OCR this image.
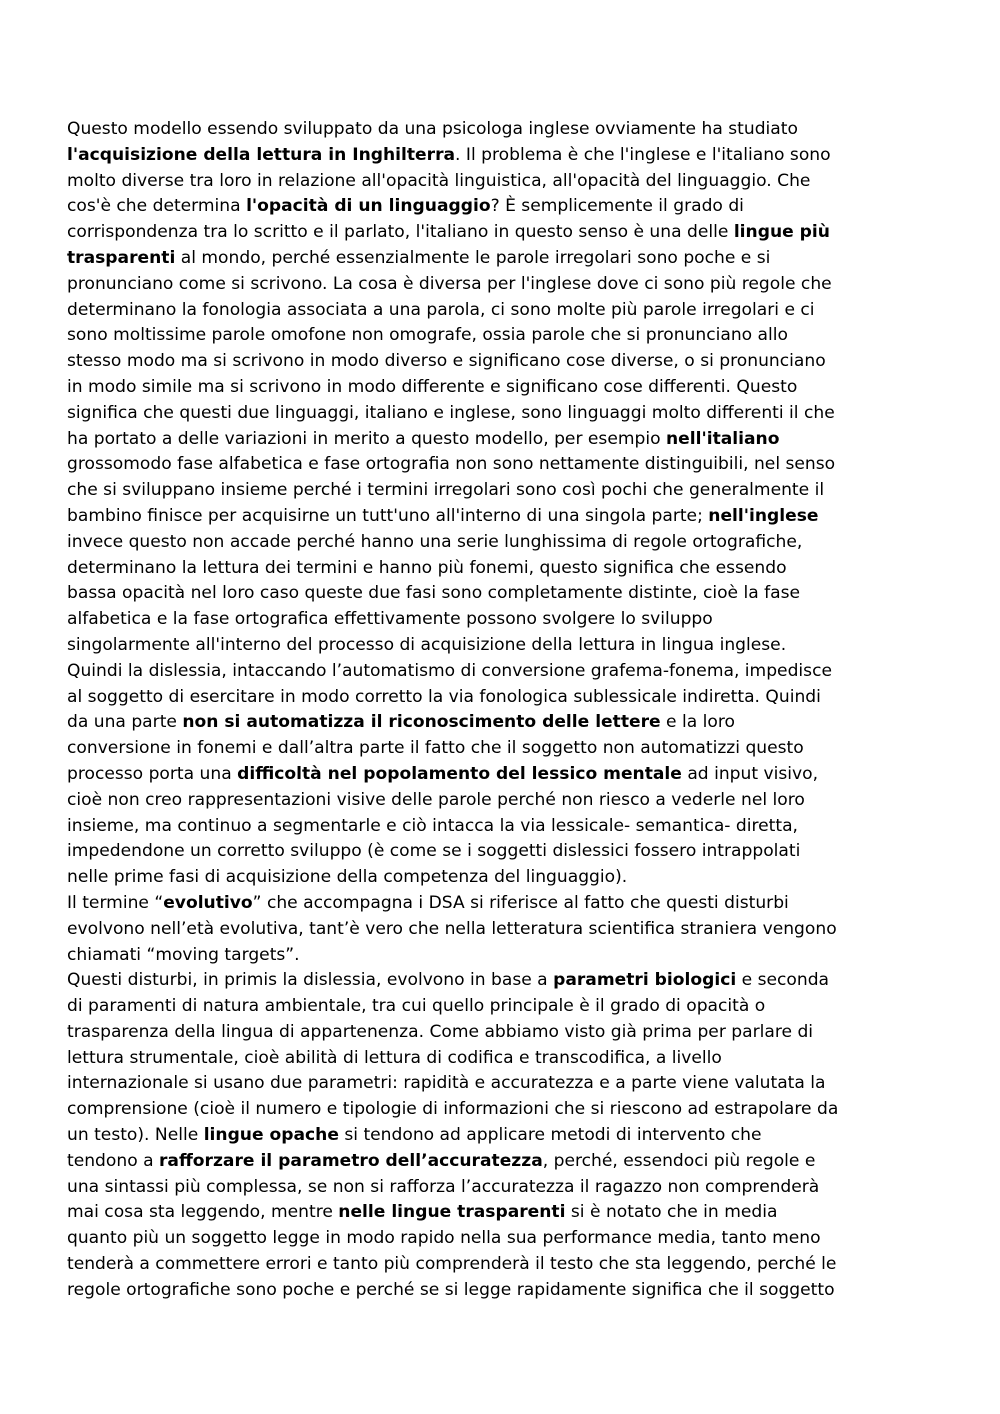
Questo modello essendo sviluppato da una psicologa inglese ovviamente ha studiato
l'acquisizione della lettura in Inghilterra. Il problema è che l'inglese e l'italiano sono
molto diverse tra loro in relazione all'opacità linguistica, all'opacità del linguaggio. Che
cos'è che determina l'opacità di un linguaggio? È semplicemente il grado di
corrispondenza tra lo scritto e il parlato, l'italiano in questo senso è una delle lingue più
trasparenti al mondo, perché essenzialmente le parole irregolari sono poche e si
pronunciano come si scrivono. La cosa è diversa per l'inglese dove ci sono più regole che
determinano la fonologia associata a una parola, ci sono molte più parole irregolari e ci
sono moltissime parole omofone non omografe, ossia parole che si pronunciano allo
stesso modo ma si scrivono in modo diverso e significano cose diverse, o si pronunciano
in modo simile ma si scrivono in modo differente e significano cose differenti. Questo
significa che questi due linguaggi, italiano e inglese, sono linguaggi molto differenti il che
ha portato a delle variazioni in merito a questo modello, per esempio nell'italiano
grossomodo fase alfabetica e fase ortografia non sono nettamente distinguibili, nel senso
che si sviluppano insieme perché i termini irregolari sono così pochi che generalmente il
bambino finisce per acquisirne un tutt'uno all'interno di una singola parte; nell'inglese
invece questo non accade perché hanno una serie lunghissima di regole ortografiche,
determinano la lettura dei termini e hanno più fonemi, questo significa che essendo
bassa opacità nel loro caso queste due fasi sono completamente distinte, cioè la fase
alfabetica e la fase ortografica effettivamente possono svolgere lo sviluppo
singolarmente all'interno del processo di acquisizione della lettura in lingua inglese.
Quindi la dislessia, intaccando l’automatismo di conversione grafema-fonema, impedisce
al soggetto di esercitare in modo corretto la via fonologica sublessicale indiretta. Quindi
da una parte non si automatizza il riconoscimento delle lettere e la loro
conversione in fonemi e dall’altra parte il fatto che il soggetto non automatizzi questo
processo porta una difficoltà nel popolamento del lessico mentale ad input visivo,
cioè non creo rappresentazioni visive delle parole perché non riesco a vederle nel loro
insieme, ma continuo a segmentarle e ciò intacca la via lessicale- semantica- diretta,
impedendone un corretto sviluppo (è come se i soggetti dislessici fossero intrappolati
nelle prime fasi di acquisizione della competenza del linguaggio).
Il termine “evolutivo” che accompagna i DSA si riferisce al fatto che questi disturbi
evolvono nell’età evolutiva, tant’è vero che nella letteratura scientifica straniera vengono
chiamati “moving targets”.
Questi disturbi, in primis la dislessia, evolvono in base a parametri biologici e seconda
di paramenti di natura ambientale, tra cui quello principale è il grado di opacità o
trasparenza della lingua di appartenenza. Come abbiamo visto già prima per parlare di
lettura strumentale, cioè abilità di lettura di codifica e transcodifica, a livello
internazionale si usano due parametri: rapidità e accuratezza e a parte viene valutata la
comprensione (cioè il numero e tipologie di informazioni che si riescono ad estrapolare da
un testo). Nelle lingue opache si tendono ad applicare metodi di intervento che
tendono a rafforzare il parametro dell’accuratezza, perché, essendoci più regole e
una sintassi più complessa, se non si rafforza l’accuratezza il ragazzo non comprenderà
mai cosa sta leggendo, mentre nelle lingue trasparenti si è notato che in media
quanto più un soggetto legge in modo rapido nella sua performance media, tanto meno
tenderà a commettere errori e tanto più comprenderà il testo che sta leggendo, perché le
regole ortografiche sono poche e perché se si legge rapidamente significa che il soggetto
